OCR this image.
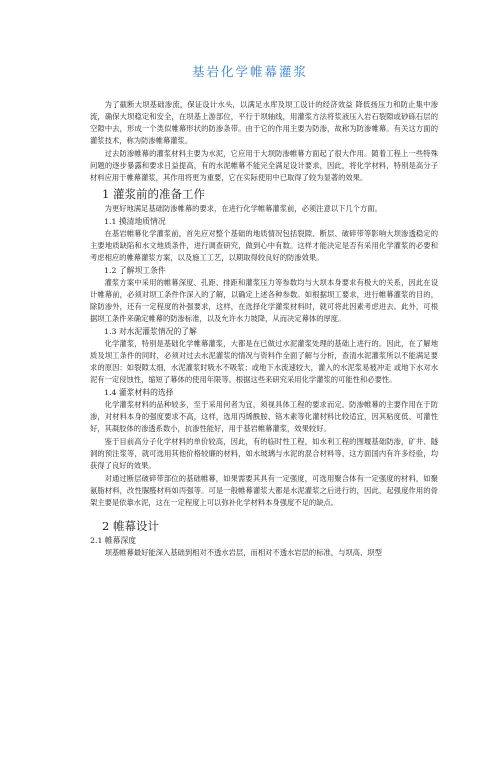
基岩化学帷幕灌浆

为了截断大坝基础渗流，保证设计水头，以满足水库及坝工设计的经济效益 降低扬压力和防止集中渗流，确保大坝稳定和安全，在坝基上游部位，平行于坝轴线，用灌浆方法将浆液压入岩石裂隙或砂砾石层的空隙中去，形成一个类似帷幕形状的防渗条带。由于它的作用主要为防渗，故称为防渗帷幕。有关这方面的灌浆技术，称为防渗帷幕灌浆。

过去防渗帷幕的灌浆材料主要为水泥，它应用于大坝防渗帷幕方面起了很大作用。随着工程上一些特殊问题的逐步暴露和要求日益提高，有的水泥帷幕不能完全满足设计要求，因此，将化学材料，特别是高分子材料应用于帷幕灌浆，其作用将更为重要，它在实际使用中已取得了较为显著的效果。

1 灌浆前的准备工作

为更好地满足基础防渗帷幕的要求，在进行化学帷幕灌浆前，必须注意以下几个方面。

1.1 摸清地质情况

在基岩帷幕化学灌浆前，首先应对整个基础的地质情况包括裂隙、断层、破碎带等影响大坝渗透稳定的主要地质缺陷和水文地质条件，进行调查研究，做到心中有数。这样才能决定是否有采用化学灌浆的必要和考虑相应的帷幕灌浆方案，以及施工工艺，以期取得较良好的防渗效果。

1.2 了解坝工条件

灌浆方案中采用的帷幕深度、孔距、排距和灌浆压力等参数均与大坝本身要求有极大的关系，因此在设计帷幕前，必须对坝工条件作深入的了解，以确定上述各种参数。如根据坝工要求，进行帷幕灌浆的目的，除防渗外，还有一定程度的补强要求，这样，在选择化学灌浆材料时，就可将此因素考虑进去。此外，可根据坝工条件来确定帷幕的防渗标准，以及允许水力坡降，从而决定幕体的厚度。

1.3 对水泥灌浆情况的了解

化学灌浆，特别是基础化学帷幕灌浆，大都是在已做过水泥灌浆处理的基础上进行的。因此，在了解地质及坝工条件的同时，必须对过去水泥灌浆的情况与资料作全面了解与分析，查清水泥灌浆所以不能满足要求的原因：如裂隙太细，水泥灌浆时吸水不吸浆；或地下水流速较大，灌入的水泥浆易被冲走 或地下水对水泥有一定侵蚀性，缩短了幕体的使用年限等。根据这些来研究采用化学灌浆的可能性和必要性。

1.4 灌浆材料的选择

化学灌浆材料的品种较多，至于采用何者为宜，须视具体工程的要求而定。防渗帷幕的主要作用在于防渗，对材料本身的强度要求不高，这样，选用丙烯酰胺、铬木素等化灌材料比较适宜，因其粘度低、可灌性好，其凝胶体的渗透系数小，抗渗性能好，用于基岩帷幕灌浆，效果较好。

鉴于目前高分子化学材料的单价较高，因此，有的临时性工程，如水利工程的围堰基础防渗，矿井、隧洞的预注浆等，就可选用其他价格较廉的材料，如水玻璃与水泥的混合材料等，这方面国内有许多经验，均获得了良好的效果。

对通过断层破碎带部位的基础帷幕，如果需要其具有一定强度，可选用聚合体有一定强度的材料，如聚氨脂材料，改性脲醛材料如丙强等。可是一般帷幕灌浆大都是水泥灌浆之后进行的，因此，起强度作用的骨架主要是依靠水泥，这在一定程度上可以弥补化学材料本身强度不足的缺点。

2 帷幕设计
2.1 帷幕深度

坝基帷幕最好能深入基础到相对不透水岩层，而相对不透水岩层的标准，与坝高、坝型
